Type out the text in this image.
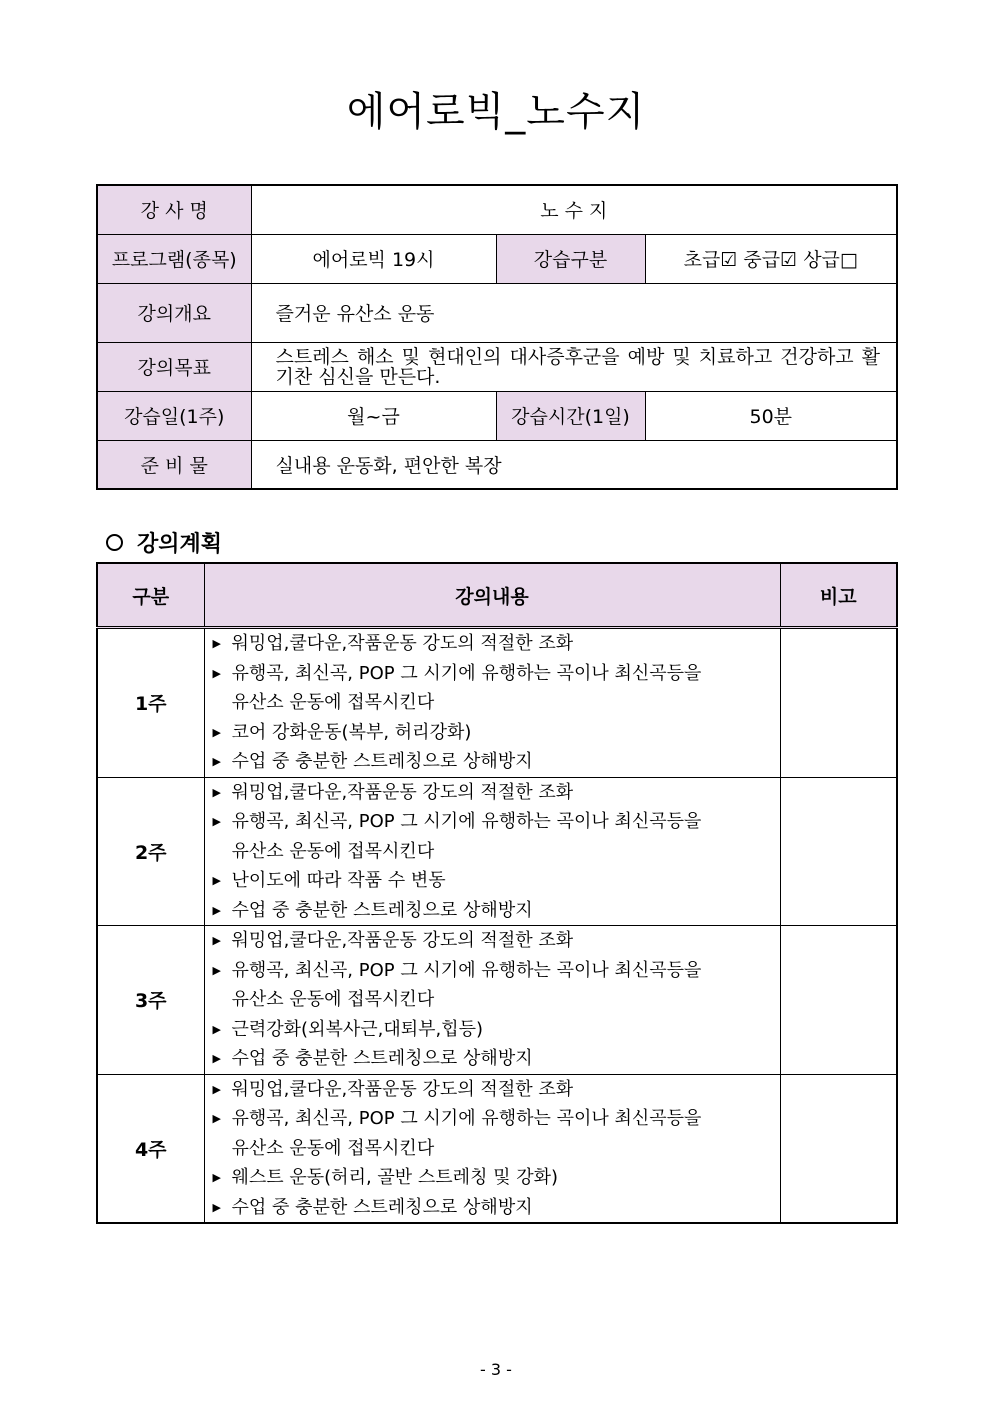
에어로빅_노수지
강 사 명	노 수 지		
프로그램(종목)	에어로빅 19시	강습구분	초급☑ 중급☑ 상급□
강의개요	즐거운 유산소 운동		
강의목표	스트레스 해소 및 현대인의 대사증후군을 예방 및 치료하고 건강하고 활기찬 심신을 만든다.		
강습일(1주)	월~금	강습시간(1일)	50분
준 비 물	실내용 운동화, 편안한 복장		
강의계획
구분	강의내용	비고
1주	▶ 워밍업,쿨다운,작품운동 강도의 적절한 조화
▶ 유행곡, 최신곡, POP 그 시기에 유행하는 곡이나 최신곡등을
유산소 운동에 접목시킨다
▶ 코어 강화운동(복부, 허리강화)
▶ 수업 중 충분한 스트레칭으로 상해방지	

2주	▶ 워밍업,쿨다운,작품운동 강도의 적절한 조화
▶ 유행곡, 최신곡, POP 그 시기에 유행하는 곡이나 최신곡등을
유산소 운동에 접목시킨다
▶ 난이도에 따라 작품 수 변동
▶ 수업 중 충분한 스트레칭으로 상해방지	

3주	▶ 워밍업,쿨다운,작품운동 강도의 적절한 조화
▶ 유행곡, 최신곡, POP 그 시기에 유행하는 곡이나 최신곡등을
유산소 운동에 접목시킨다
▶ 근력강화(외복사근,대퇴부,힙등)
▶ 수업 중 충분한 스트레칭으로 상해방지	

4주	▶ 워밍업,쿨다운,작품운동 강도의 적절한 조화
▶ 유행곡, 최신곡, POP 그 시기에 유행하는 곡이나 최신곡등을
유산소 운동에 접목시킨다
▶ 웨스트 운동(허리, 골반 스트레칭 및 강화)
▶ 수업 중 충분한 스트레칭으로 상해방지	

- 3 -
